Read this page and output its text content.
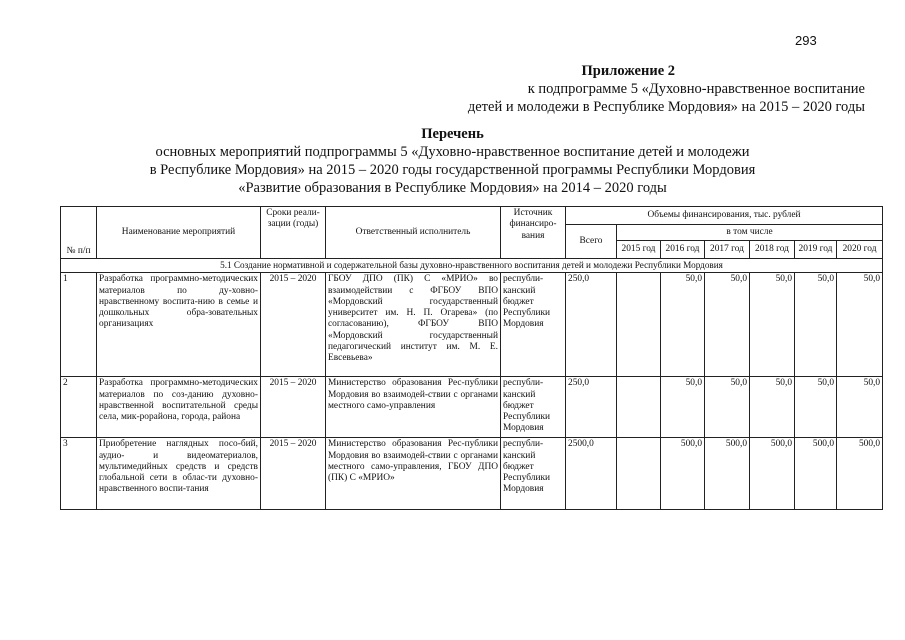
293
Приложение 2
к подпрограмме 5 «Духовно-нравственное воспитание
детей и молодежи в Республике Мордовия» на 2015 – 2020 годы
Перечень
основных мероприятий подпрограммы 5 «Духовно-нравственное воспитание детей и молодежи
в Республике Мордовия» на 2015 – 2020 годы государственной программы Республики Мордовия
«Развитие образования в Республике Мордовия» на 2014 – 2020 годы
№ п/п	Наименование мероприятий	Сроки реали-зации (годы)	Ответственный исполнитель	Источник финансиро-вания	Объемы финансирования, тыс. рублей						
					Всего	в том числе					
						2015 год	2016 год	2017 год	2018 год	2019 год	2020 год
5.1 Создание нормативной и содержательной базы духовно-нравственного воспитания детей и молодежи Республики Мордовия											
1	Разработка программно-методических материалов по ду-ховно-нравственному воспита-нию в семье и дошкольных обра-зовательных организациях	2015 – 2020	ГБОУ ДПО (ПК) С «МРИО» во взаимодействии с ФГБОУ ВПО «Мордовский государственный университет им. Н. П. Огарева» (по согласованию), ФГБОУ ВПО «Мордовский государственный педагогический институт им. М. Е. Евсевьева»	республи-канский бюджет Республики Мордовия	250,0		50,0	50,0	50,0	50,0	50,0
2	Разработка программно-методических материалов по соз-данию духовно-нравственной воспитательной среды села, мик-рорайона, города, района	2015 – 2020	Министерство образования Рес-публики Мордовия во взаимодей-ствии с органами местного само-управления	республи-канский бюджет Республики Мордовия	250,0		50,0	50,0	50,0	50,0	50,0
3	Приобретение наглядных посо-бий, аудио- и видеоматериалов, мультимедийных средств и средств глобальной сети в облас-ти духовно-нравственного воспи-тания	2015 – 2020	Министерство образования Рес-публики Мордовия во взаимодей-ствии с органами местного само-управления, ГБОУ ДПО (ПК) С «МРИО»	республи-канский бюджет Республики Мордовия	2500,0		500,0	500,0	500,0	500,0	500,0
